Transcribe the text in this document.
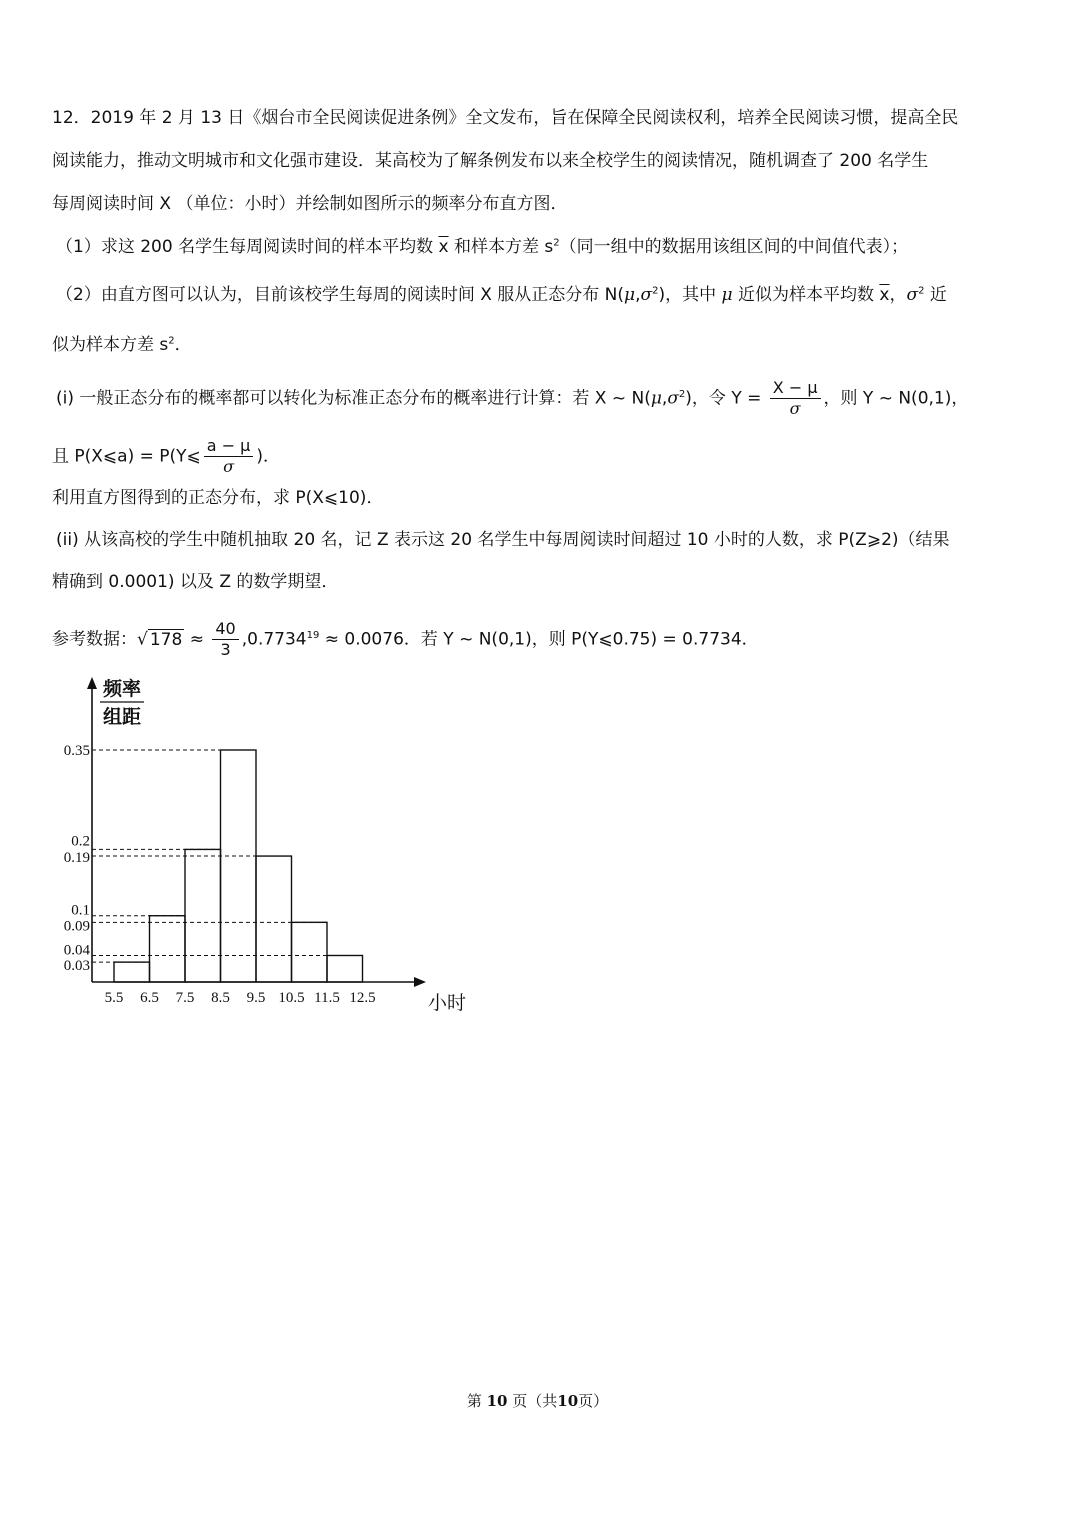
12．2019 年 2 月 13 日《烟台市全民阅读促进条例》全文发布，旨在保障全民阅读权利，培养全民阅读习惯，提高全民
阅读能力，推动文明城市和文化强市建设．某高校为了解条例发布以来全校学生的阅读情况，随机调查了 200 名学生
每周阅读时间 X （单位：小时）并绘制如图所示的频率分布直方图．
（1）求这 200 名学生每周阅读时间的样本平均数 $\overline{x}$ 和样本方差 $s^2$（同一组中的数据用该组区间的中间值代表）；
（2）由直方图可以认为，目前该校学生每周的阅读时间 X 服从正态分布 $N(\mu,\sigma^2)$，其中 μ 近似为样本平均数 $\overline{x}$，$\sigma^2$ 近
似为样本方差 $s^2$．
(i) 一般正态分布的概率都可以转化为标准正态分布的概率进行计算：若 X ~ $N(\mu,\sigma^2)$，令 $Y = \frac{X - \mu}{\sigma}$ ，则 Y ~ N(0,1)，
且 P(X⩽a) = P(Y⩽ $\frac{a - \mu}{\sigma}$ )．
利用直方图得到的正态分布，求 P(X⩽10)．
(ii) 从该高校的学生中随机抽取 20 名，记 Z 表示这 20 名学生中每周阅读时间超过 10 小时的人数，求 P(Z⩾2)（结果
精确到 0.0001) 以及 Z 的数学期望．
参考数据：√ $178 \approx \frac{40}{3} ,0.7734^{19} \approx 0.0076$．若 Y ~ N(0,1)，则 P(Y⩽0.75) = 0.7734．
0.35
0.2
0.19
0.1
0.09
0.04
0.03
5.5 6.5 7.5 8.5 9.5 10.5 11.5 12.5	小时
频率
组距
第 10 页（共10页）
